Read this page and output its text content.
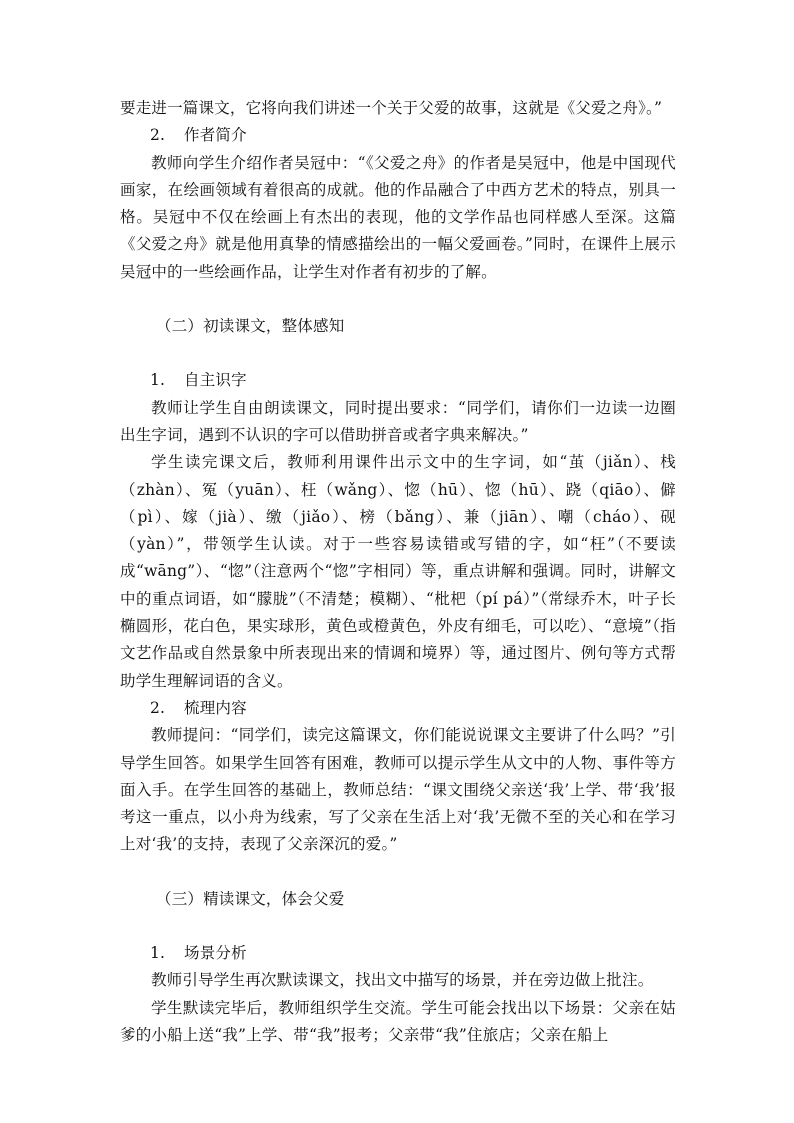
要走进一篇课文，它将向我们讲述一个关于父爱的故事，这就是《父爱之舟》。”

2. 作者简介

教师向学生介绍作者吴冠中：“《父爱之舟》的作者是吴冠中，他是中国现代画家，在绘画领域有着很高的成就。他的作品融合了中西方艺术的特点，别具一格。吴冠中不仅在绘画上有杰出的表现，他的文学作品也同样感人至深。这篇《父爱之舟》就是他用真挚的情感描绘出的一幅父爱画卷。”同时，在课件上展示吴冠中的一些绘画作品，让学生对作者有初步的了解。

（二）初读课文，整体感知

1. 自主识字

教师让学生自由朗读课文，同时提出要求：“同学们，请你们一边读一边圈出生字词，遇到不认识的字可以借助拼音或者字典来解决。”

学生读完课文后，教师利用课件出示文中的生字词，如“茧（jiǎn）、栈（zhàn）、冤（yuān）、枉（wǎng）、惚（hū）、惚（hū）、跷（qiāo）、僻（pì）、嫁（jià）、缴（jiǎo）、榜（bǎng）、兼（jiān）、嘲（cháo）、砚（yàn）”，带领学生认读。对于一些容易读错或写错的字，如“枉”（不要读成“wāng”）、“惚”（注意两个“惚”字相同）等，重点讲解和强调。同时，讲解文中的重点词语，如“朦胧”（不清楚；模糊）、“枇杷（pí pá）”（常绿乔木，叶子长椭圆形，花白色，果实球形，黄色或橙黄色，外皮有细毛，可以吃）、“意境”（指文艺作品或自然景象中所表现出来的情调和境界）等，通过图片、例句等方式帮助学生理解词语的含义。

2. 梳理内容

教师提问：“同学们，读完这篇课文，你们能说说课文主要讲了什么吗？”引导学生回答。如果学生回答有困难，教师可以提示学生从文中的人物、事件等方面入手。在学生回答的基础上，教师总结：“课文围绕父亲送‘我’上学、带‘我’报考这一重点，以小舟为线索，写了父亲在生活上对‘我’无微不至的关心和在学习上对‘我’的支持，表现了父亲深沉的爱。”

（三）精读课文，体会父爱

1. 场景分析

教师引导学生再次默读课文，找出文中描写的场景，并在旁边做上批注。

学生默读完毕后，教师组织学生交流。学生可能会找出以下场景：父亲在姑爹的小船上送“我”上学、带“我”报考；父亲带“我”住旅店；父亲在船上
